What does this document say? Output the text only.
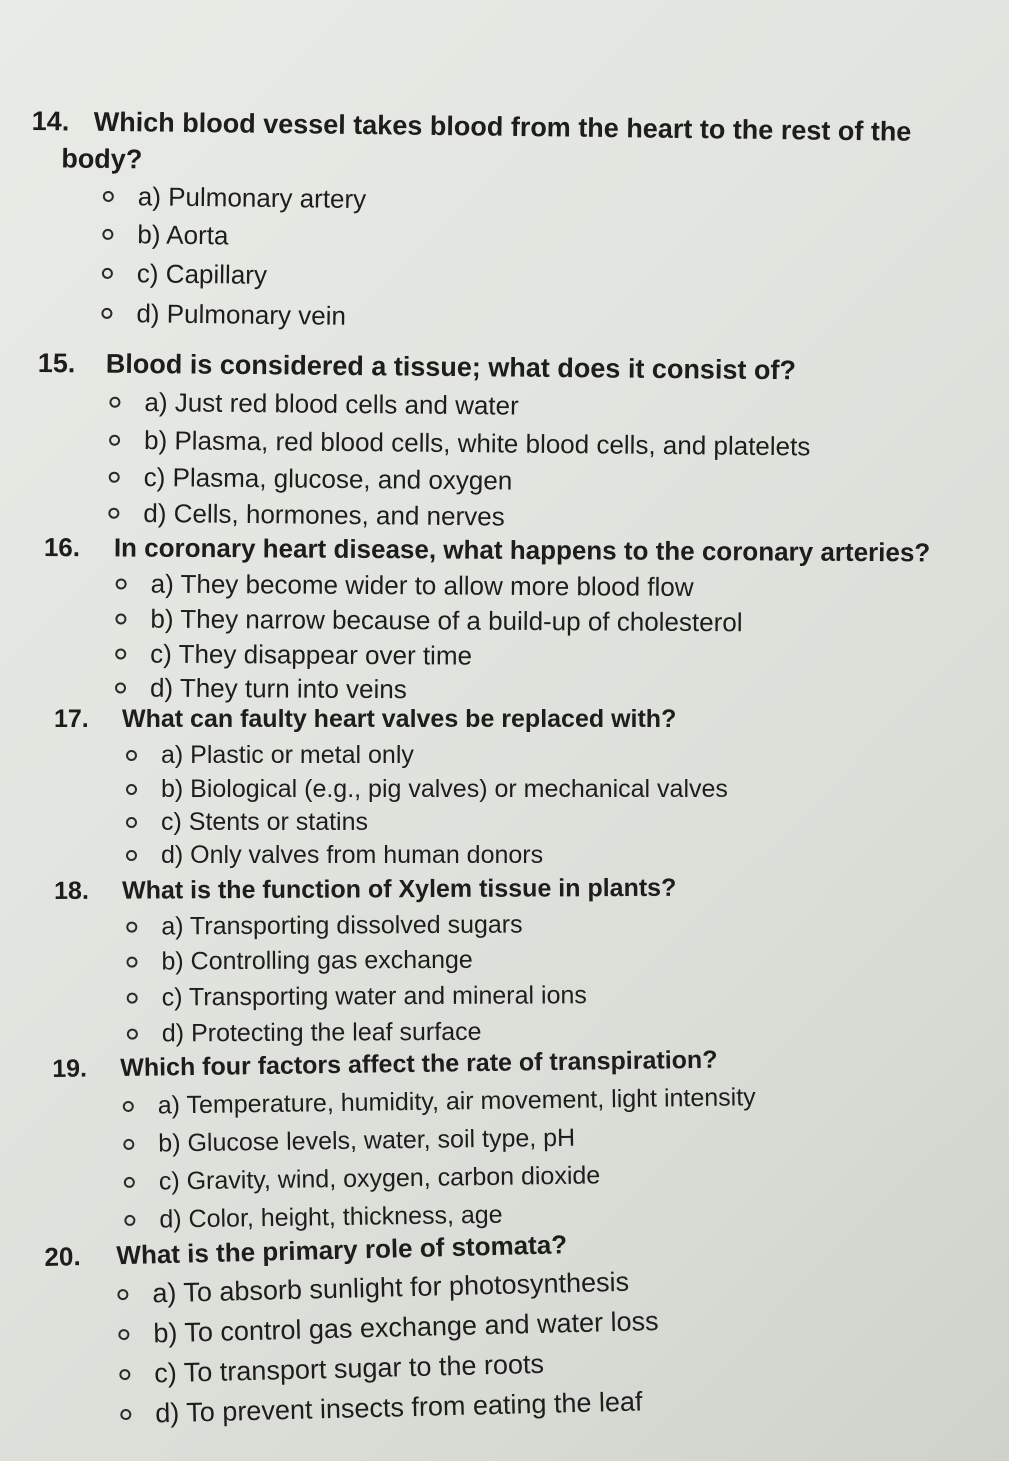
14. Which blood vessel takes blood from the heart to the rest of the
body?
a) Pulmonary artery
b) Aorta
c) Capillary
d) Pulmonary vein
15.	Blood is considered a tissue; what does it consist of?
a) Just red blood cells and water
b) Plasma, red blood cells, white blood cells, and platelets
c) Plasma, glucose, and oxygen
d) Cells, hormones, and nerves
16.	In coronary heart disease, what happens to the coronary arteries?
a) They become wider to allow more blood flow
b) They narrow because of a build-up of cholesterol
c) They disappear over time
d) They turn into veins
17.	What can faulty heart valves be replaced with?
a) Plastic or metal only
b) Biological (e.g., pig valves) or mechanical valves
c) Stents or statins
d) Only valves from human donors
18.	What is the function of Xylem tissue in plants?
a) Transporting dissolved sugars
b) Controlling gas exchange
c) Transporting water and mineral ions
d) Protecting the leaf surface
19.	Which four factors affect the rate of transpiration?
a) Temperature, humidity, air movement, light intensity
b) Glucose levels, water, soil type, pH
c) Gravity, wind, oxygen, carbon dioxide
d) Color, height, thickness, age
20.	What is the primary role of stomata?
a) To absorb sunlight for photosynthesis
b) To control gas exchange and water loss
c) To transport sugar to the roots
d) To prevent insects from eating the leaf
